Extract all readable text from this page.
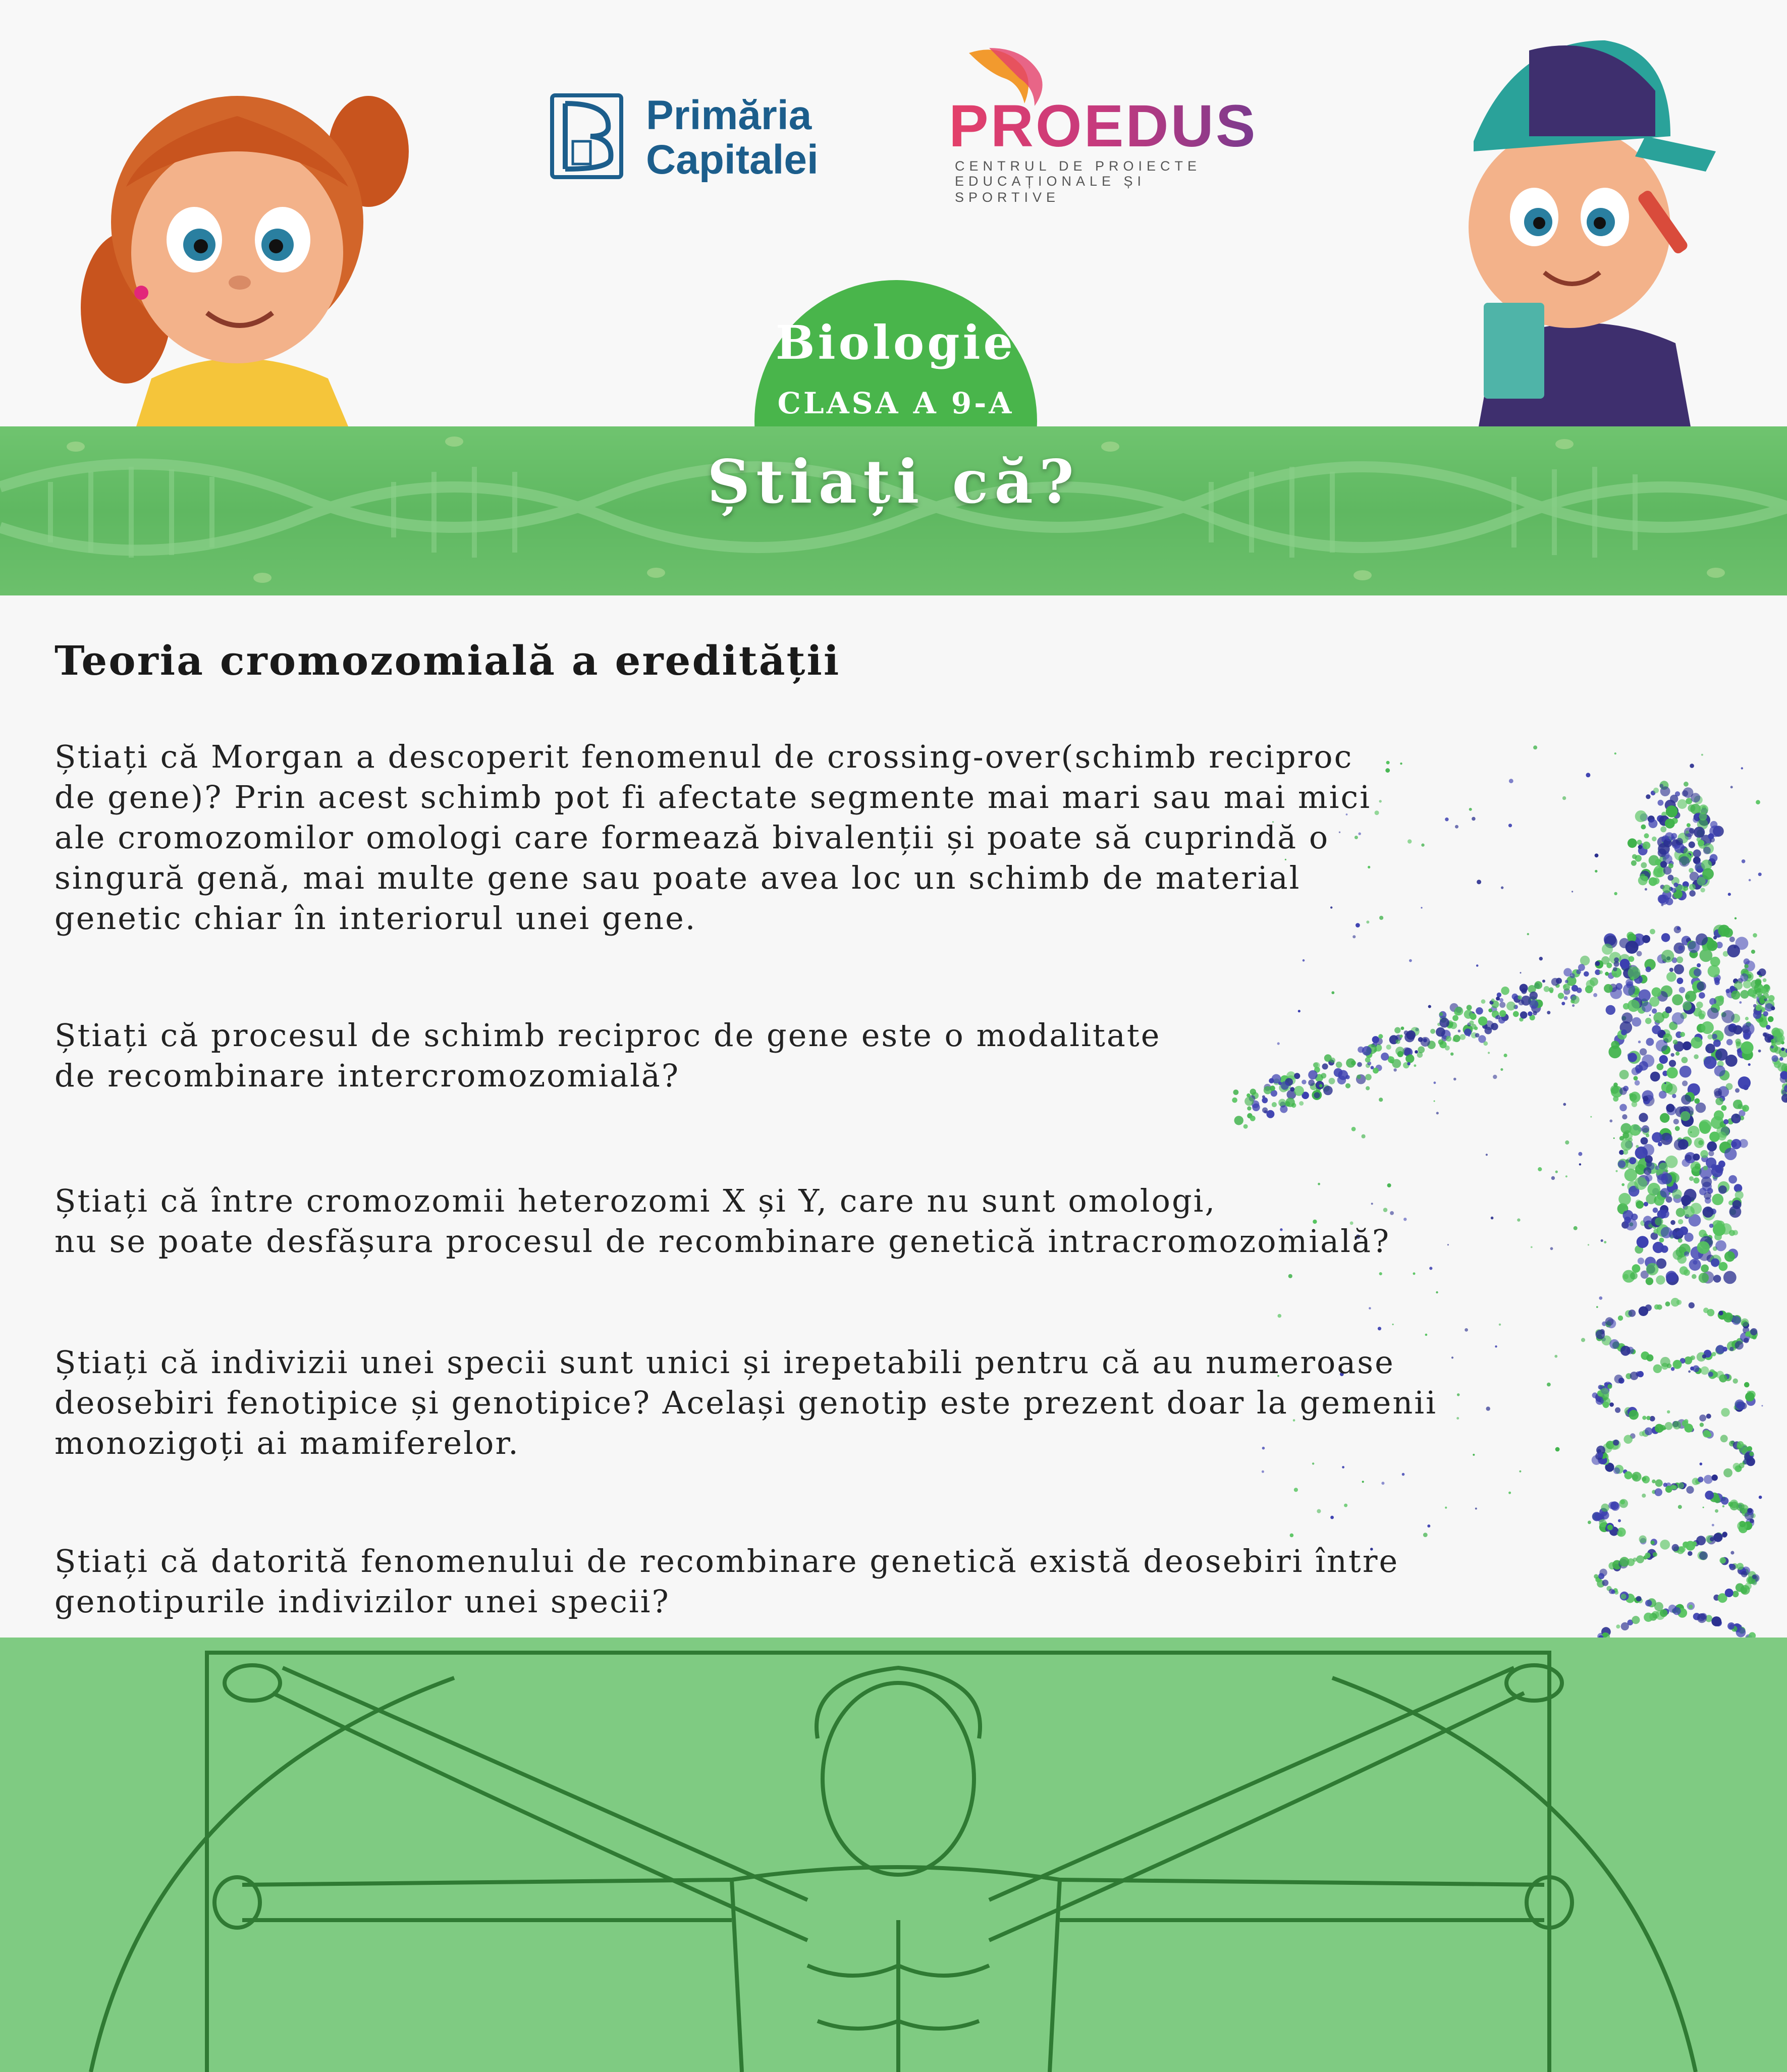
Primăria
Capitalei
PROEDUS
CENTRUL DE PROIECTE
EDUCAȚIONALE ȘI SPORTIVE
Biologie
CLASA A 9-A
Știați că?
Teoria cromozomială a eredității

Știați că Morgan a descoperit fenomenul de crossing-over(schimb reciproc
de gene)? Prin acest schimb pot fi afectate segmente mai mari sau mai mici
ale cromozomilor omologi care formează bivalenții și poate să cuprindă o
singură genă, mai multe gene sau poate avea loc un schimb de material
genetic chiar în interiorul unei gene.

Știați că procesul de schimb reciproc de gene este o modalitate
de recombinare intercromozomială?

Știați că între cromozomii heterozomi X și Y, care nu sunt omologi,
nu se poate desfășura procesul de recombinare genetică intracromozomială?

Știați că indivizii unei specii sunt unici și irepetabili pentru că au numeroase
deosebiri fenotipice și genotipice? Același genotip este prezent doar la gemenii
monozigoți ai mamiferelor.

Știați că datorită fenomenului de recombinare genetică există deosebiri între
genotipurile indivizilor unei specii?
